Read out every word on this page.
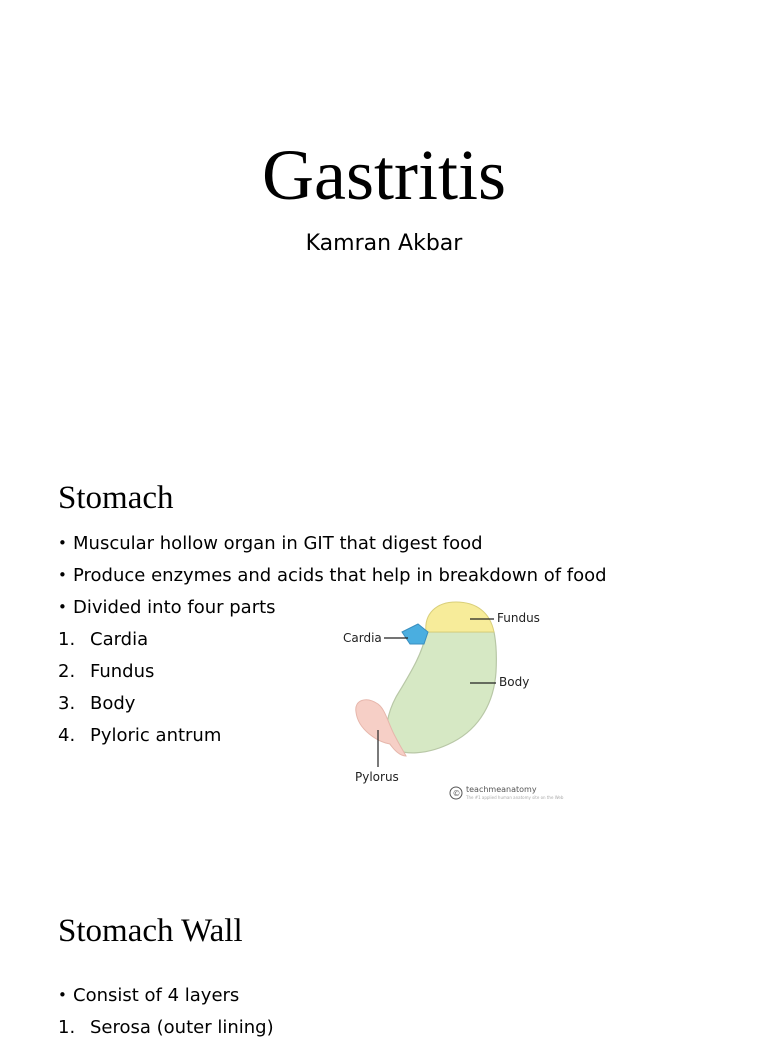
Gastritis
Kamran Akbar
Stomach
• Muscular hollow organ in GIT that digest food
• Produce enzymes and acids that help in breakdown of food
• Divided into four parts
1. Cardia
2. Fundus
3. Body
4. Pyloric antrum
Cardia
Fundus
Body
Pylorus
© teachmeanatomy
The #1 applied human anatomy site on the Web
Stomach Wall
• Consist of 4 layers
1. Serosa (outer lining)
